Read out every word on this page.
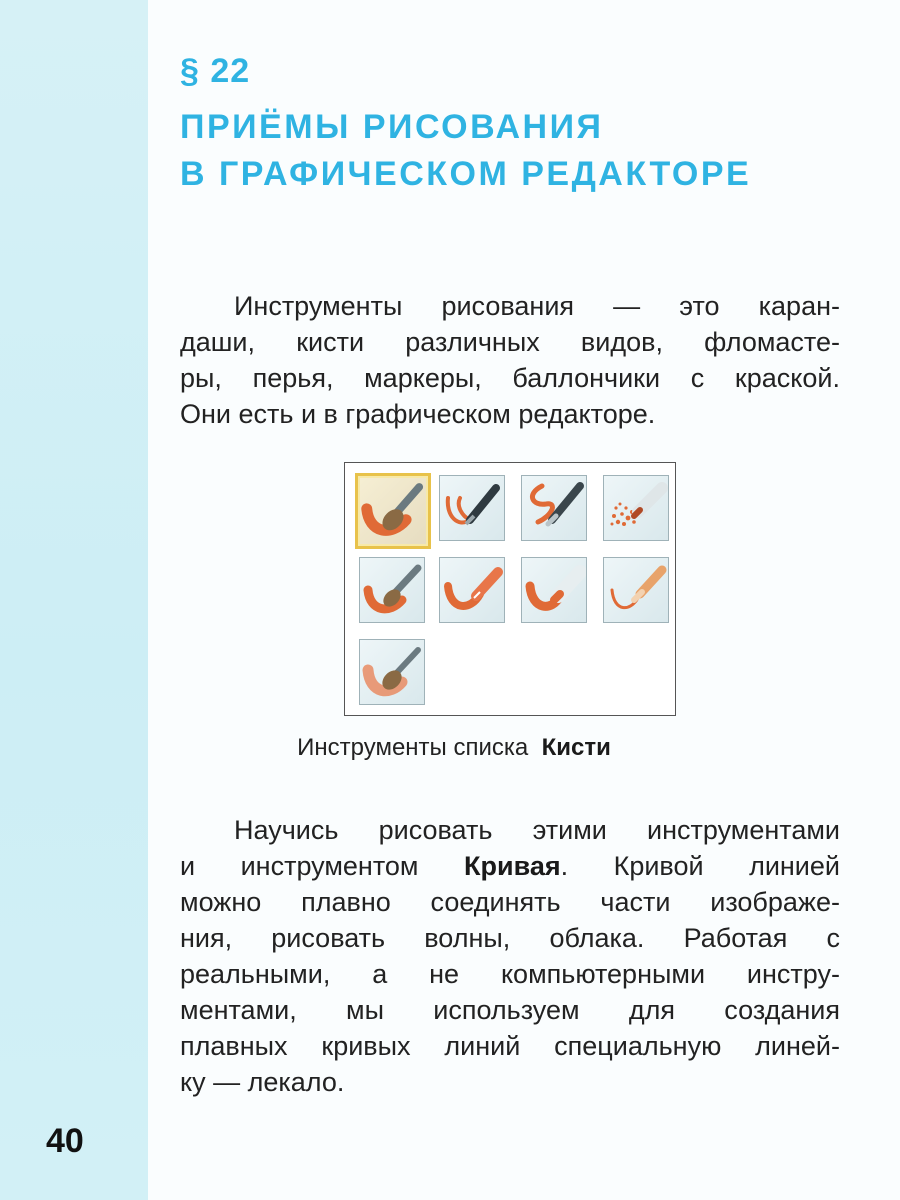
§ 22
ПРИЁМЫ РИСОВАНИЯ
В ГРАФИЧЕСКОМ РЕДАКТОРЕ
Инструменты рисования — это каран-
даши, кисти различных видов, фломасте-
ры, перья, маркеры, баллончики с краской.
Они есть и в графическом редакторе.
Инструменты списка Кисти
Научись рисовать этими инструментами
и инструментом Кривая. Кривой линией
можно плавно соединять части изображе-
ния, рисовать волны, облака. Работая с
реальными, а не компьютерными инстру-
ментами, мы используем для создания
плавных кривых линий специальную линей-
ку — лекало.
40
